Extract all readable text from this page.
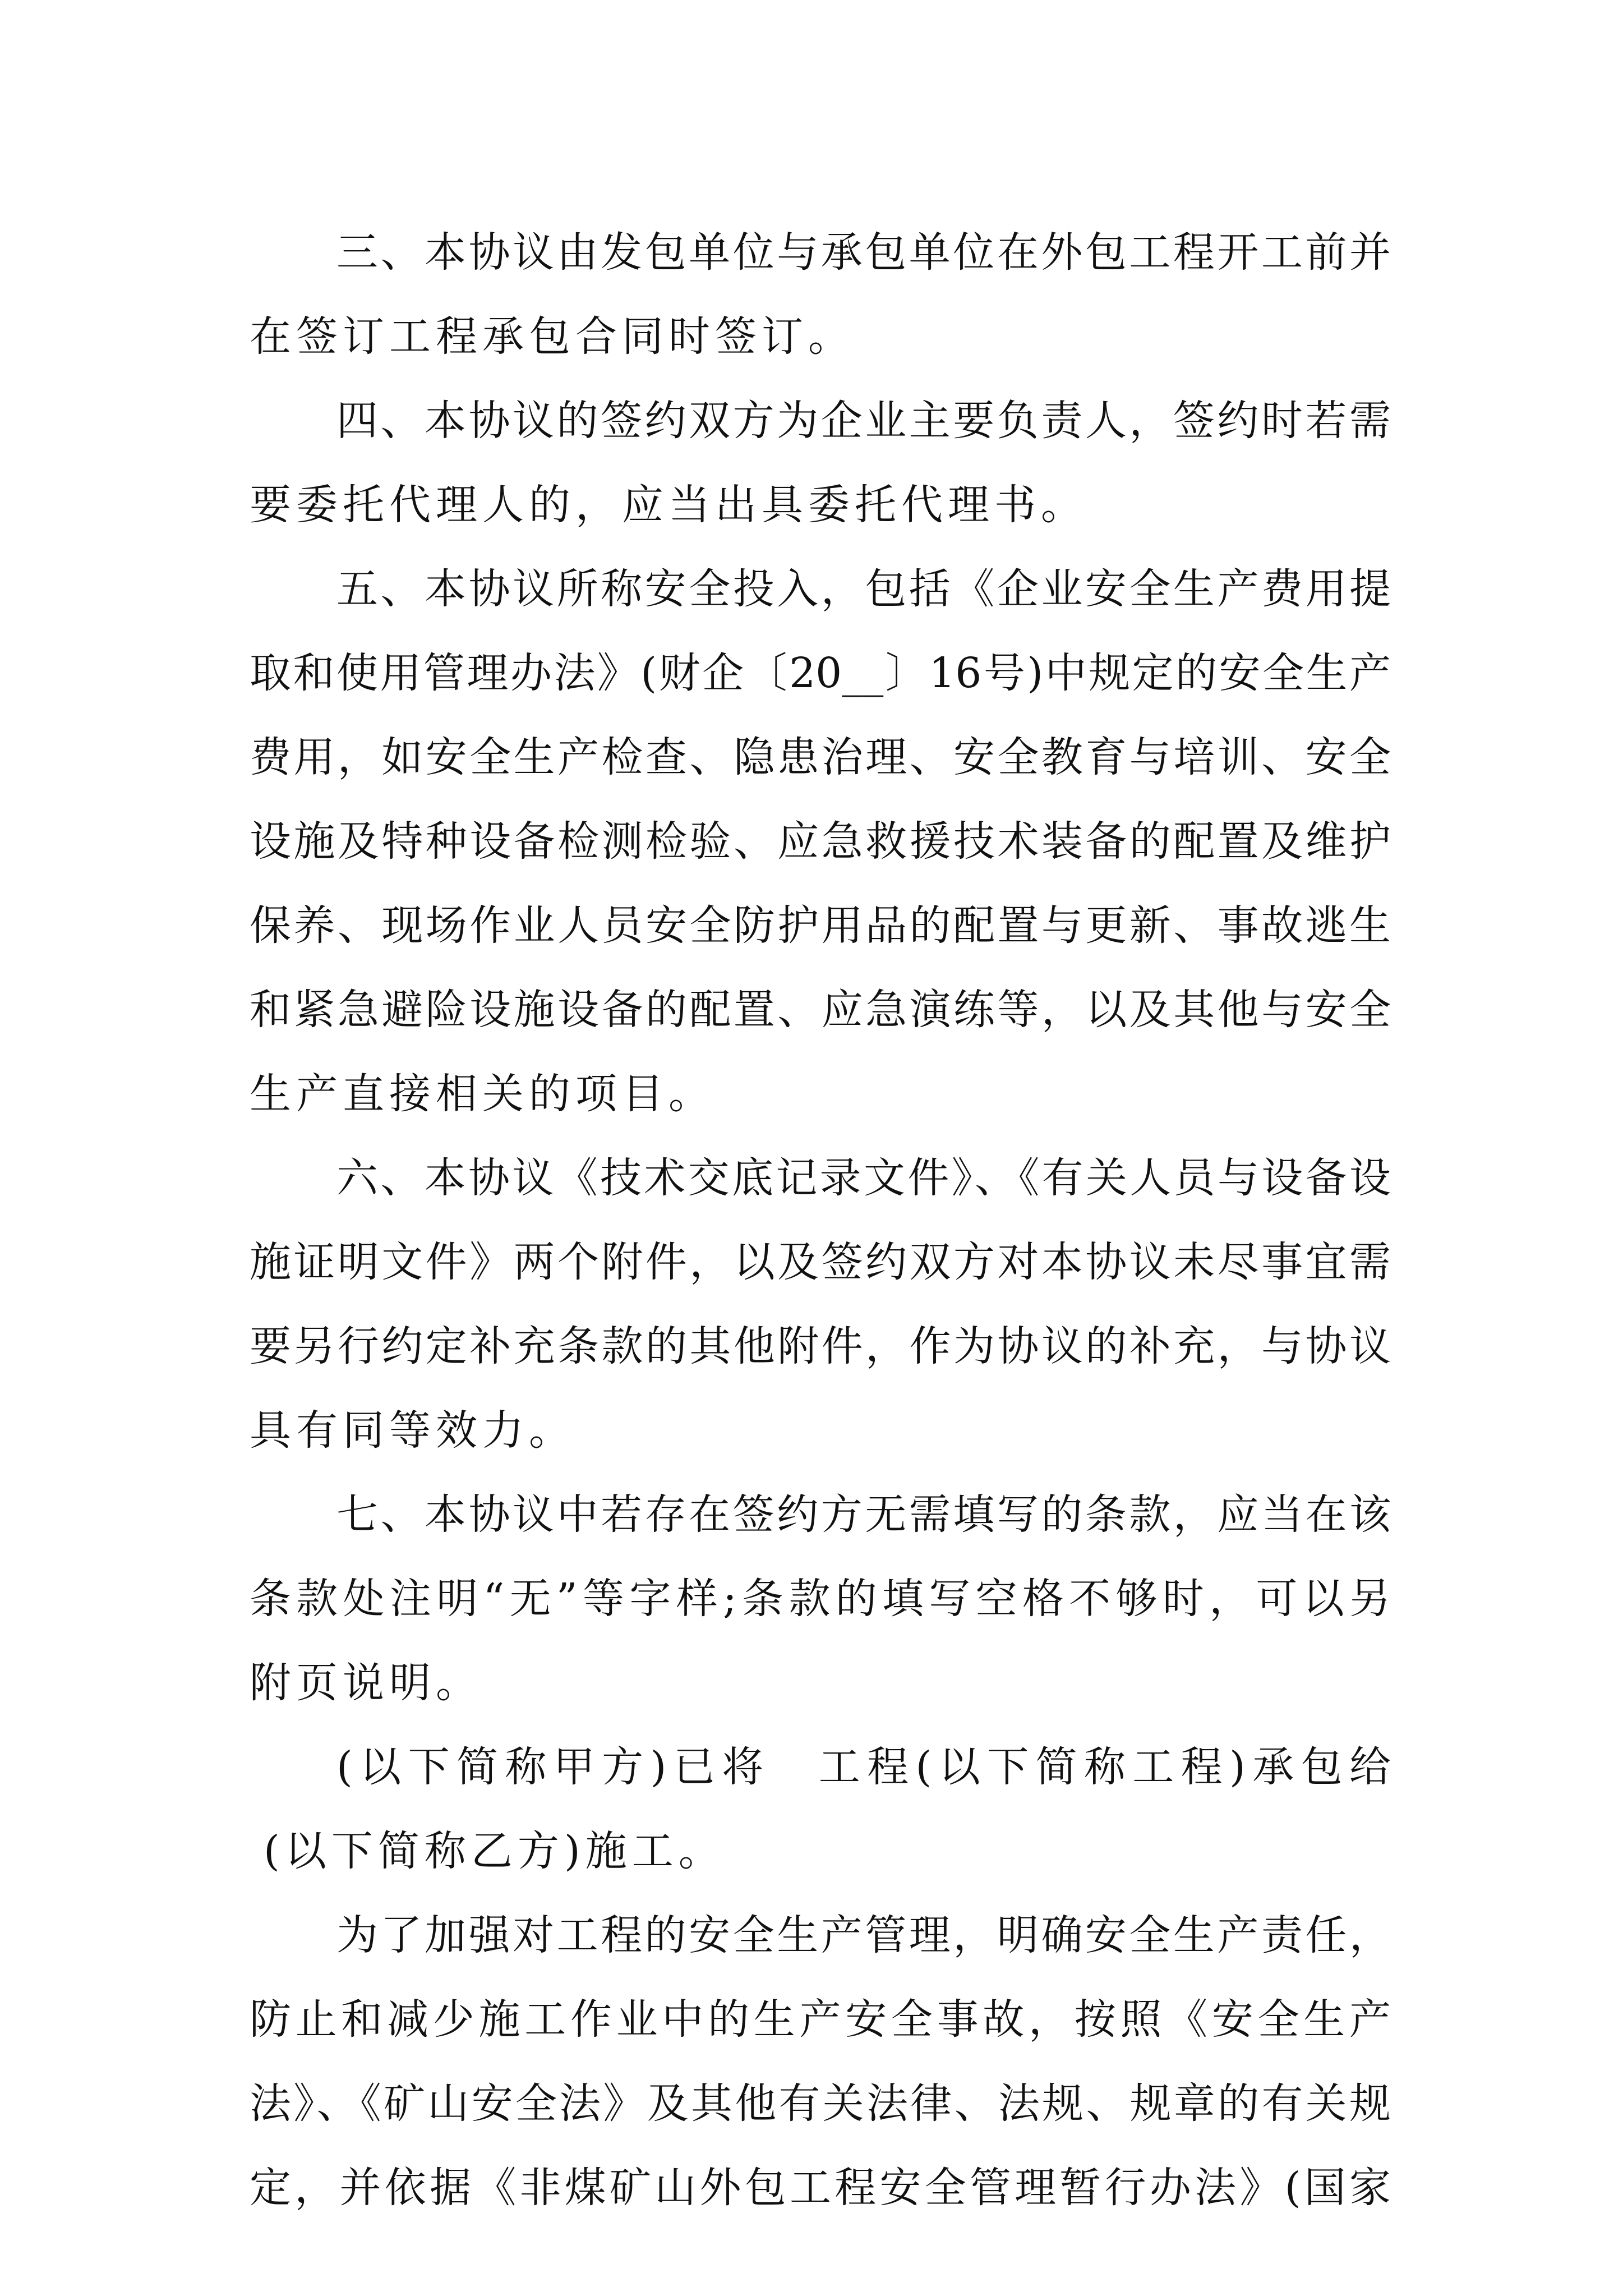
三、本协议由发包单位与承包单位在外包工程开工前并
在签订工程承包合同时签订。
四、本协议的签约双方为企业主要负责人，签约时若需
要委托代理人的，应当出具委托代理书。
五、本协议所称安全投入，包括《企业安全生产费用提
取和使用管理办法》(财企〔20__〕16号)中规定的安全生产
费用，如安全生产检查、隐患治理、安全教育与培训、安全
设施及特种设备检测检验、应急救援技术装备的配置及维护
保养、现场作业人员安全防护用品的配置与更新、事故逃生
和紧急避险设施设备的配置、应急演练等，以及其他与安全
生产直接相关的项目。
六、本协议《技术交底记录文件》、《有关人员与设备设
施证明文件》两个附件，以及签约双方对本协议未尽事宜需
要另行约定补充条款的其他附件，作为协议的补充，与协议
具有同等效力。
七、本协议中若存在签约方无需填写的条款，应当在该
条款处注明“无”等字样;条款的填写空格不够时，可以另
附页说明。
(以下简称甲方)已将　工程(以下简称工程)承包给
(以下简称乙方)施工。
为了加强对工程的安全生产管理，明确安全生产责任，
防止和减少施工作业中的生产安全事故，按照《安全生产
法》、《矿山安全法》及其他有关法律、法规、规章的有关规
定，并依据《非煤矿山外包工程安全管理暂行办法》(国家
